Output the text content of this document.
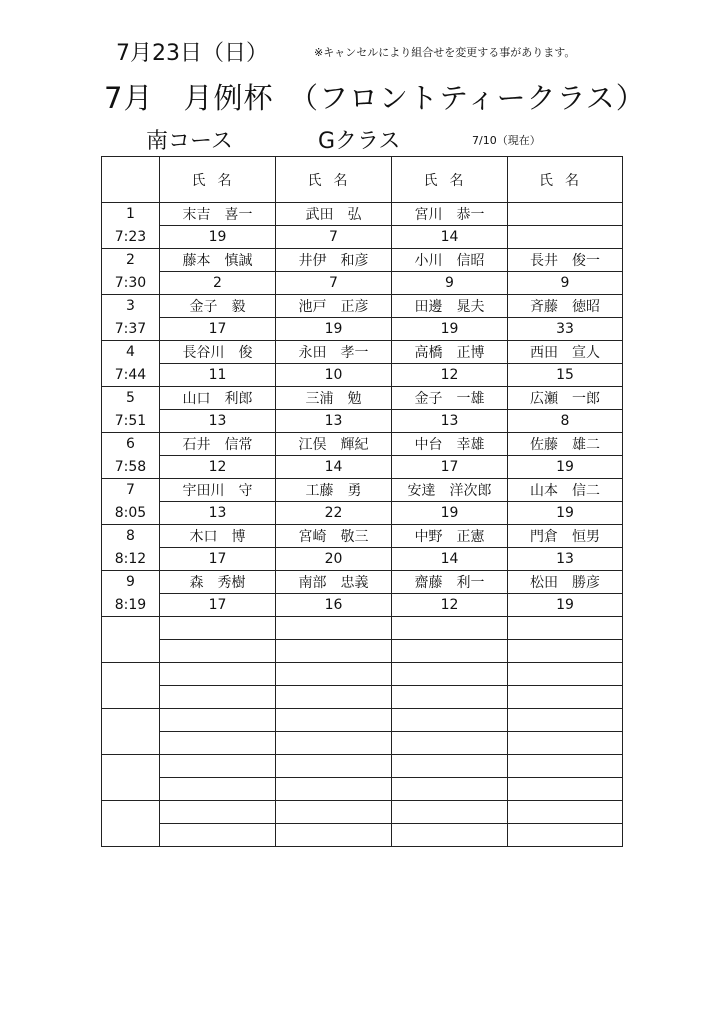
7月23日（日）	※キャンセルにより組合せを変更する事があります。
7月　月例杯　（フロントティークラス）
南コース	Gクラス	7/10（現在）
	氏名	氏名	氏名	氏名
1	末吉　喜一	武田　弘	宮川　恭一	
7:23	19	7	14	
2	藤本　慎誠	井伊　和彦	小川　信昭	長井　俊一
7:30	2	7	9	9
3	金子　毅	池戸　正彦	田邊　晁夫	斉藤　徳昭
7:37	17	19	19	33
4	長谷川　俊	永田　孝一	高橋　正博	西田　宣人
7:44	11	10	12	15
5	山口　利郎	三浦　勉	金子　一雄	広瀬　一郎
7:51	13	13	13	8
6	石井　信常	江俣　輝紀	中台　幸雄	佐藤　雄二
7:58	12	14	17	19
7	宇田川　守	工藤　勇	安達　洋次郎	山本　信二
8:05	13	22	19	19
8	木口　博	宮崎　敬三	中野　正憲	門倉　恒男
8:12	17	20	14	13
9	森　秀樹	南部　忠義	齋藤　利一	松田　勝彦
8:19	17	16	12	19
